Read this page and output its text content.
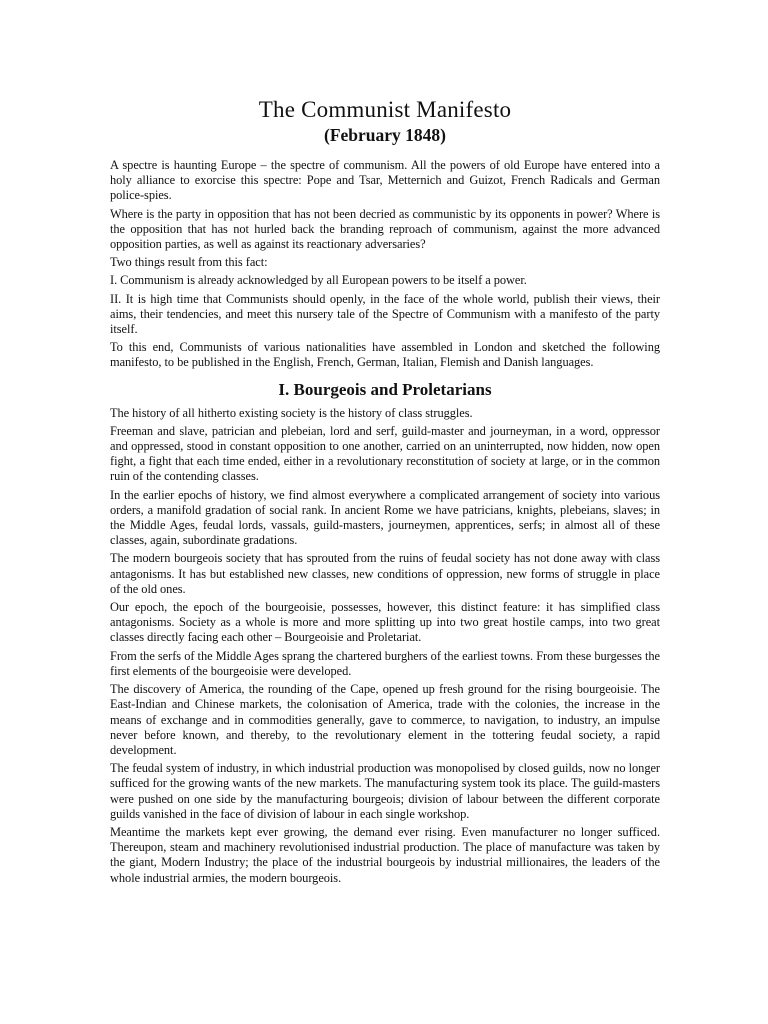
The Communist Manifesto
(February 1848)

A spectre is haunting Europe – the spectre of communism. All the powers of old Europe have entered into a holy alliance to exorcise this spectre: Pope and Tsar, Metternich and Guizot, French Radicals and German police-spies.

Where is the party in opposition that has not been decried as communistic by its opponents in power? Where is the opposition that has not hurled back the branding reproach of communism, against the more advanced opposition parties, as well as against its reactionary adversaries?

Two things result from this fact:

I. Communism is already acknowledged by all European powers to be itself a power.

II. It is high time that Communists should openly, in the face of the whole world, publish their views, their aims, their tendencies, and meet this nursery tale of the Spectre of Communism with a manifesto of the party itself.

To this end, Communists of various nationalities have assembled in London and sketched the following manifesto, to be published in the English, French, German, Italian, Flemish and Danish languages.

I. Bourgeois and Proletarians

The history of all hitherto existing society is the history of class struggles.

Freeman and slave, patrician and plebeian, lord and serf, guild-master and journeyman, in a word, oppressor and oppressed, stood in constant opposition to one another, carried on an uninterrupted, now hidden, now open fight, a fight that each time ended, either in a revolutionary reconstitution of society at large, or in the common ruin of the contending classes.

In the earlier epochs of history, we find almost everywhere a complicated arrangement of society into various orders, a manifold gradation of social rank. In ancient Rome we have patricians, knights, plebeians, slaves; in the Middle Ages, feudal lords, vassals, guild-masters, journeymen, apprentices, serfs; in almost all of these classes, again, subordinate gradations.

The modern bourgeois society that has sprouted from the ruins of feudal society has not done away with class antagonisms. It has but established new classes, new conditions of oppression, new forms of struggle in place of the old ones.

Our epoch, the epoch of the bourgeoisie, possesses, however, this distinct feature: it has simplified class antagonisms. Society as a whole is more and more splitting up into two great hostile camps, into two great classes directly facing each other – Bourgeoisie and Proletariat.

From the serfs of the Middle Ages sprang the chartered burghers of the earliest towns. From these burgesses the first elements of the bourgeoisie were developed.

The discovery of America, the rounding of the Cape, opened up fresh ground for the rising bourgeoisie. The East-Indian and Chinese markets, the colonisation of America, trade with the colonies, the increase in the means of exchange and in commodities generally, gave to commerce, to navigation, to industry, an impulse never before known, and thereby, to the revolutionary element in the tottering feudal society, a rapid development.

The feudal system of industry, in which industrial production was monopolised by closed guilds, now no longer sufficed for the growing wants of the new markets. The manufacturing system took its place. The guild-masters were pushed on one side by the manufacturing bourgeois; division of labour between the different corporate guilds vanished in the face of division of labour in each single workshop.

Meantime the markets kept ever growing, the demand ever rising. Even manufacturer no longer sufficed. Thereupon, steam and machinery revolutionised industrial production. The place of manufacture was taken by the giant, Modern Industry; the place of the industrial bourgeois by industrial millionaires, the leaders of the whole industrial armies, the modern bourgeois.
